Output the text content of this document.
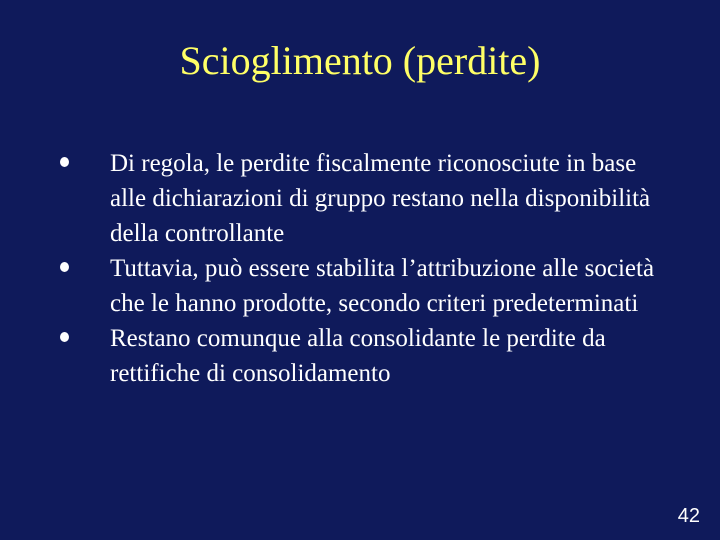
Scioglimento (perdite)
Di regola, le perdite fiscalmente riconosciute in base alle dichiarazioni di gruppo restano nella disponibilità della controllante
Tuttavia, può essere stabilita l’attribuzione alle società che le hanno prodotte, secondo criteri predeterminati
Restano comunque alla consolidante le perdite da rettifiche di consolidamento
42
